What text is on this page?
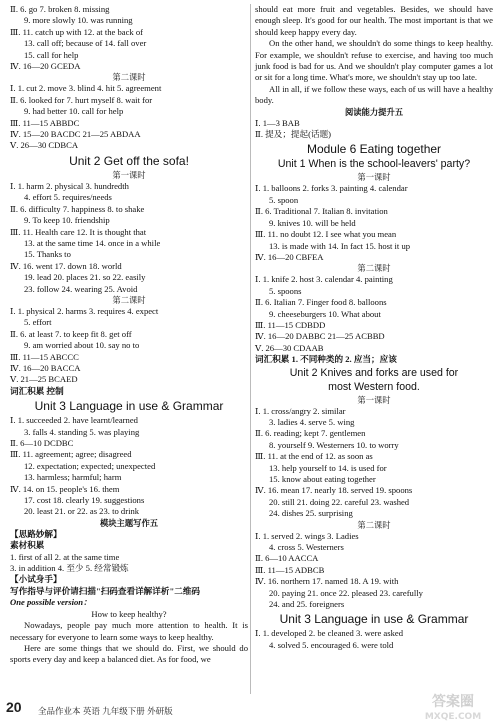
Ⅱ. 6. go 7. broken 8. missing
9. more slowly 10. was running
Ⅲ. 11. catch up with 12. at the back of
13. call off; because of 14. fall over
15. call for help
Ⅳ. 16—20 GCEDA
第二课时
Ⅰ. 1. cut 2. move 3. blind 4. hit 5. agreement
Ⅱ. 6. looked for 7. hurt myself 8. wait for
9. had better 10. call for help
Ⅲ. 11—15 ABBDC
Ⅳ. 15—20 BACDC 21—25 ABDAA
Ⅴ. 26—30 CDBCA
Unit 2 Get off the sofa!
第一课时
Ⅰ. 1. harm 2. physical 3. hundredth
4. effort 5. requires/needs
Ⅱ. 6. difficulty 7. happiness 8. to shake
9. To keep 10. friendship
Ⅲ. 11. Health care 12. It is thought that
13. at the same time 14. once in a while
15. Thanks to
Ⅳ. 16. went 17. down 18. world
19. lead 20. places 21. so 22. easily
23. follow 24. wearing 25. Avoid
第二课时
Ⅰ. 1. physical 2. harms 3. requires 4. expect
5. effort
Ⅱ. 6. at least 7. to keep fit 8. get off
9. am worried about 10. say no to
Ⅲ. 11—15 ABCCC
Ⅳ. 16—20 BACCA
Ⅴ. 21—25 BCAED
词汇积累 控制
Unit 3 Language in use & Grammar
Ⅰ. 1. succeeded 2. have learnt/learned
3. falls 4. standing 5. was playing
Ⅱ. 6—10 DCDBC
Ⅲ. 11. agreement; agree; disagreed
12. expectation; expected; unexpected
13. harmless; harmful; harm
Ⅳ. 14. on 15. people's 16. them
17. cost 18. clearly 19. suggestions
20. least 21. or 22. as 23. to drink
模块主题写作五
【思路妙解】
素材积累
1. first of all 2. at the same time
3. in addition 4. 至少 5. 经常锻炼
【小试身手】
写作指导与评价请扫描"扫码查看详解详析"二维码
One possible version：
How to keep healthy?
Nowadays, people pay much more attention to health. It is necessary for everyone to learn some ways to keep healthy.
Here are some things that we should do. First, we should do sports every day and keep a balanced diet. As for food, we
should eat more fruit and vegetables. Besides, we should have enough sleep. It's good for our health. The most important is that we should keep happy every day.
On the other hand, we shouldn't do some things to keep healthy. For example, we shouldn't refuse to exercise, and having too much junk food is bad for us. And we shouldn't play computer games a lot or sit for a long time. What's more, we shouldn't stay up too late.
All in all, if we follow these ways, each of us will have a healthy body.
阅读能力提升五
Ⅰ. 1—3 BAB
Ⅱ. 提及；提起(话题)
Module 6 Eating together
Unit 1 When is the school-leavers' party?
第一课时
Ⅰ. 1. balloons 2. forks 3. painting 4. calendar
5. spoon
Ⅱ. 6. Traditional 7. Italian 8. invitation
9. knives 10. will be held
Ⅲ. 11. no doubt 12. I see what you mean
13. is made with 14. In fact 15. host it up
Ⅳ. 16—20 CBFEA
第二课时
Ⅰ. 1. knife 2. host 3. calendar 4. painting
5. spoons
Ⅱ. 6. Italian 7. Finger food 8. balloons
9. cheeseburgers 10. What about
Ⅲ. 11—15 CDBDD
Ⅳ. 16—20 DABBC 21—25 ACBBD
Ⅴ. 26—30 CDAAB
词汇积累 1. 不同种类的 2. 应当；应该
Unit 2 Knives and forks are used for
most Western food.
第一课时
Ⅰ. 1. cross/angry 2. similar
3. ladies 4. serve 5. wing
Ⅱ. 6. reading; kept 7. gentlemen
8. yourself 9. Westerners 10. to worry
Ⅲ. 11. at the end of 12. as soon as
13. help yourself to 14. is used for
15. know about eating together
Ⅳ. 16. mean 17. nearly 18. served 19. spoons
20. still 21. doing 22. careful 23. washed
24. dishes 25. surprising
第二课时
Ⅰ. 1. served 2. wings 3. Ladies
4. cross 5. Westerners
Ⅱ. 6—10 AACCA
Ⅲ. 11—15 ADBCB
Ⅳ. 16. northern 17. named 18. A 19. with
20. paying 21. once 22. pleased 23. carefully
24. and 25. foreigners
Unit 3 Language in use & Grammar
Ⅰ. 1. developed 2. be cleaned 3. were asked
4. solved 5. encouraged 6. were told
20 全品作业本 英语 九年级下册 外研版
答案圈
MXQE.COM
